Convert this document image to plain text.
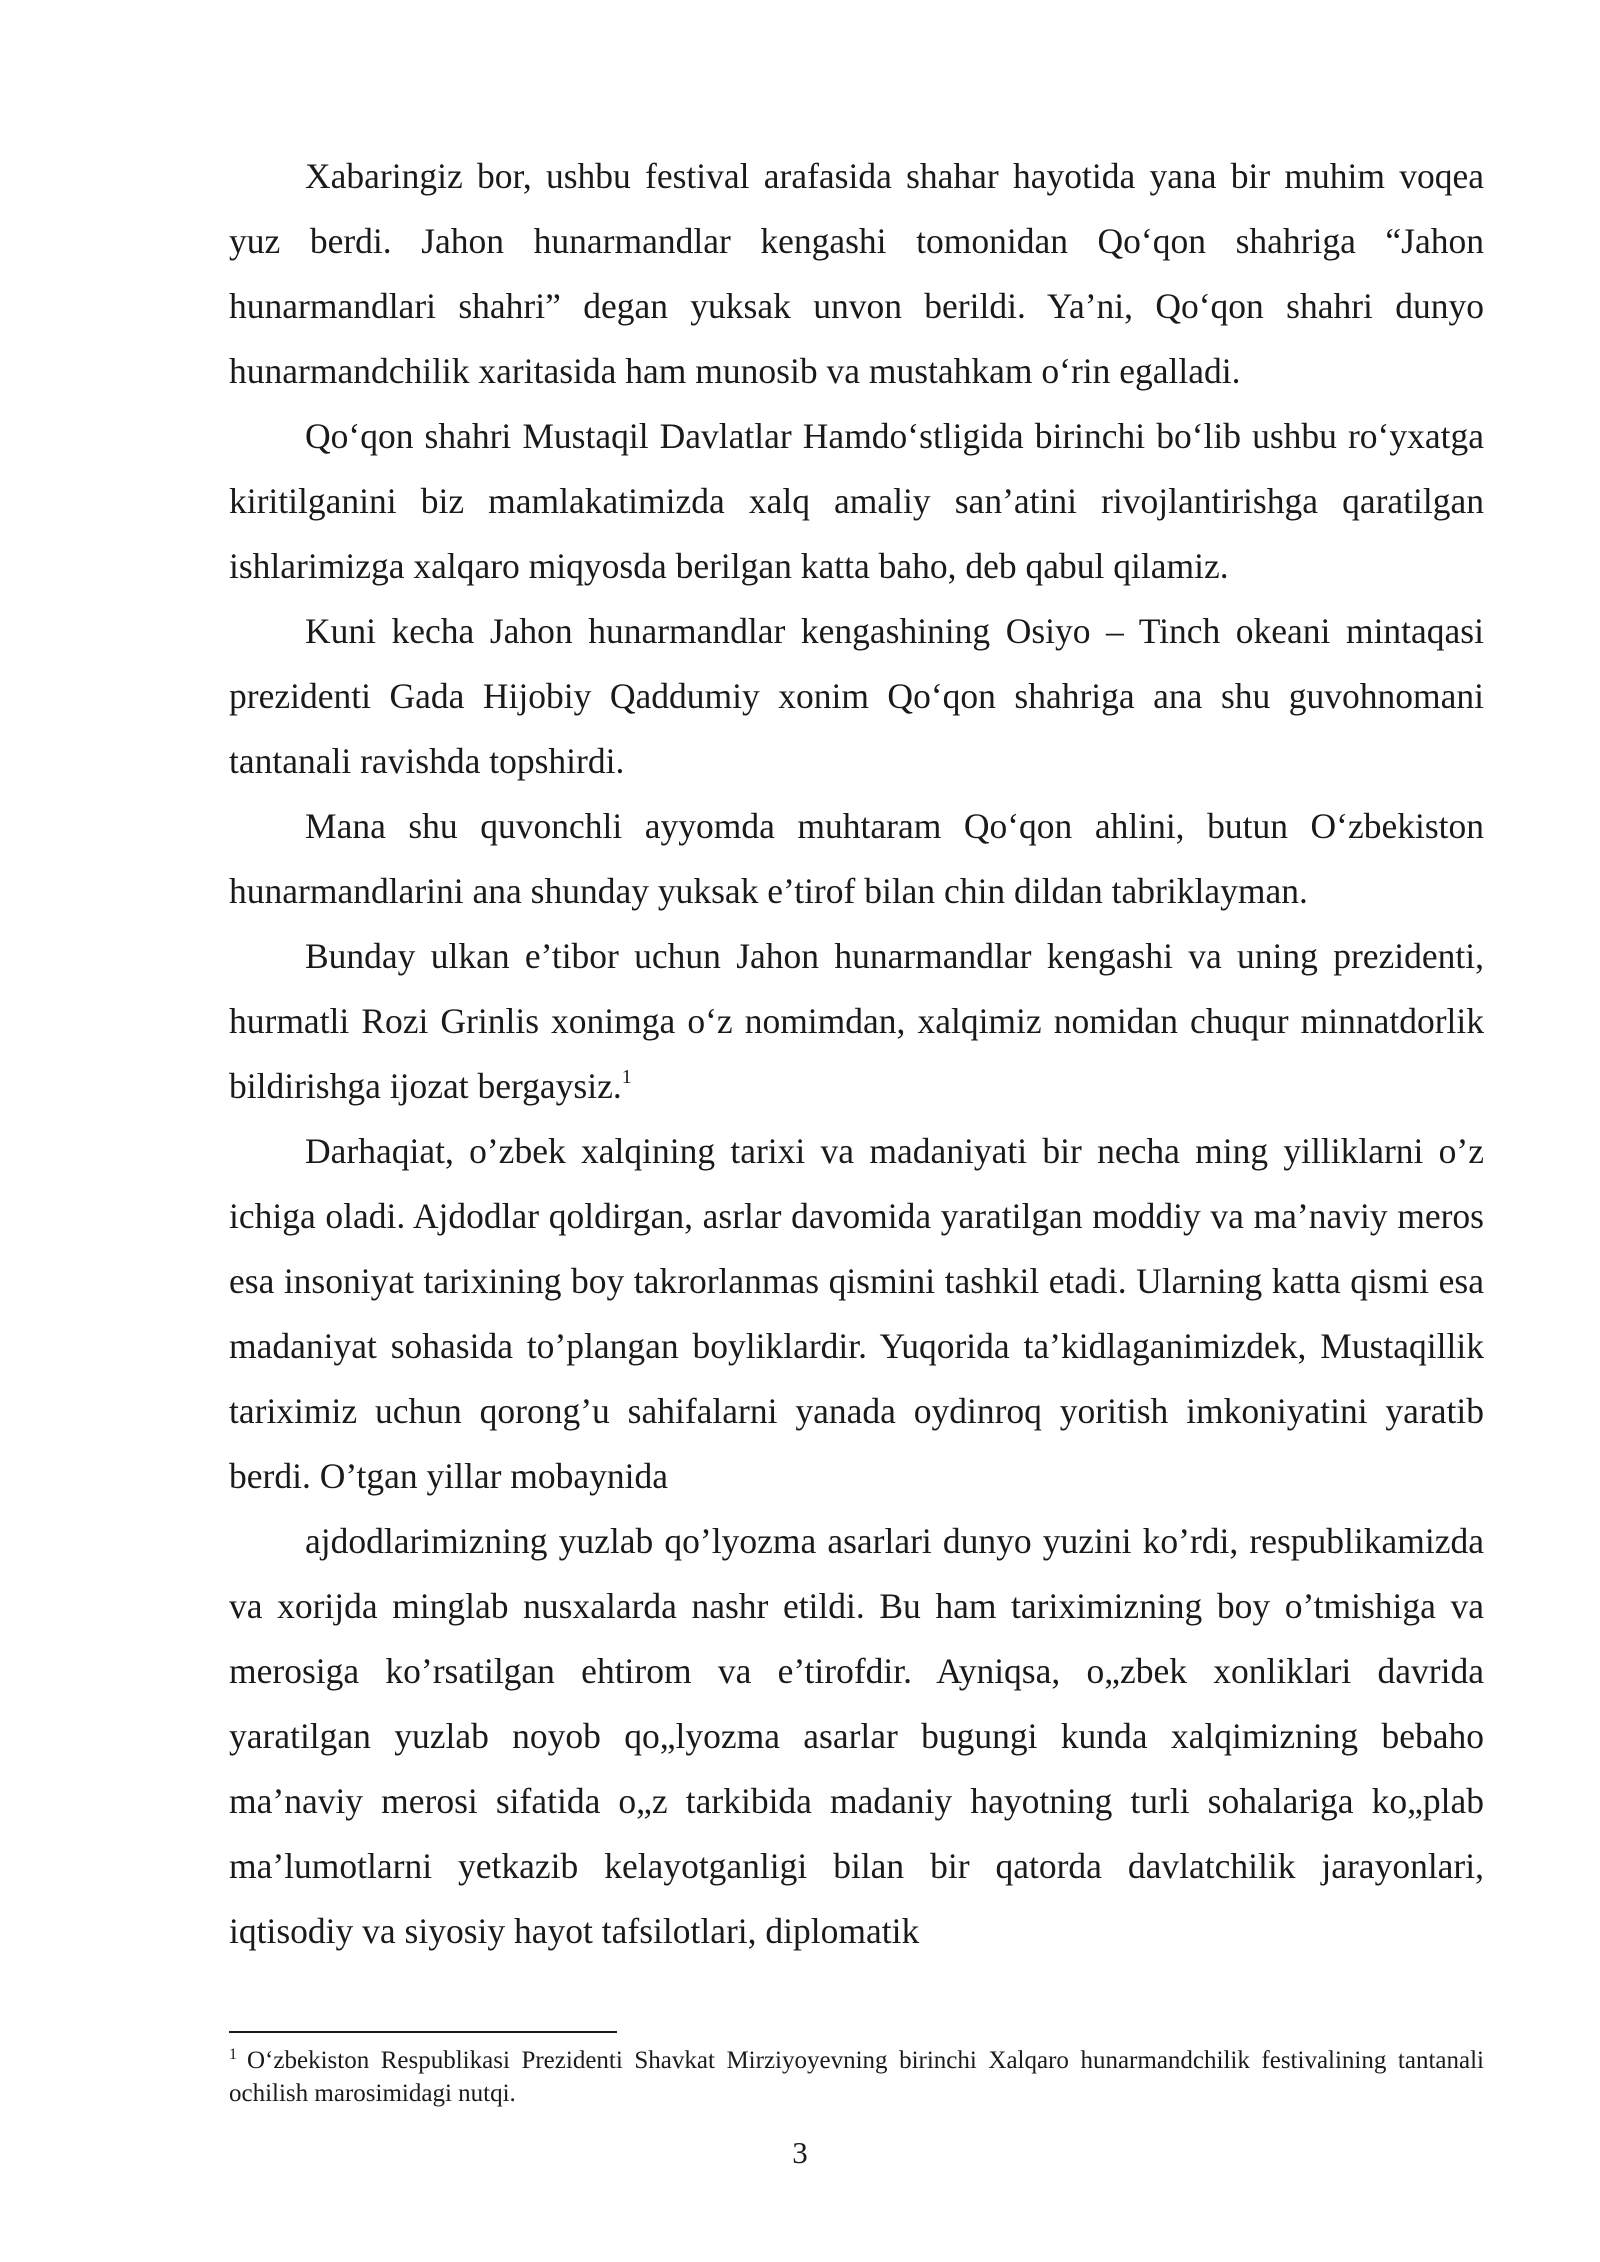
Xabaringiz bor, ushbu festival arafasida shahar hayotida yana bir muhim voqea yuz berdi. Jahon hunarmandlar kengashi tomonidan Qo‘qon shahriga “Jahon hunarmandlari shahri” degan yuksak unvon berildi. Ya’ni, Qo‘qon shahri dunyo hunarmandchilik xaritasida ham munosib va mustahkam o‘rin egalladi.

Qo‘qon shahri Mustaqil Davlatlar Hamdo‘stligida birinchi bo‘lib ushbu ro‘yxatga kiritilganini biz mamlakatimizda xalq amaliy san’atini rivojlantirishga qaratilgan ishlarimizga xalqaro miqyosda berilgan katta baho, deb qabul qilamiz.

Kuni kecha Jahon hunarmandlar kengashining Osiyo – Tinch okeani mintaqasi prezidenti Gada Hijobiy Qaddumiy xonim Qo‘qon shahriga ana shu guvohnomani tantanali ravishda topshirdi.

Mana shu quvonchli ayyomda muhtaram Qo‘qon ahlini, butun O‘zbekiston hunarmandlarini ana shunday yuksak e’tirof bilan chin dildan tabriklayman.

Bunday ulkan e’tibor uchun Jahon hunarmandlar kengashi va uning prezidenti, hurmatli Rozi Grinlis xonimga o‘z nomimdan, xalqimiz nomidan chuqur minnatdorlik bildirishga ijozat bergaysiz.$^1$

Darhaqiat, o’zbek xalqining tarixi va madaniyati bir necha ming yilliklarni o’z ichiga oladi. Ajdodlar qoldirgan, asrlar davomida yaratilgan moddiy va ma’naviy meros esa insoniyat tarixining boy takrorlanmas qismini tashkil etadi. Ularning katta qismi esa madaniyat sohasida to’plangan boyliklardir. Yuqorida ta’kidlaganimizdek, Mustaqillik tariximiz uchun qorong’u sahifalarni yanada oydinroq yoritish imkoniyatini yaratib berdi. O’tgan yillar mobaynida

ajdodlarimizning yuzlab qo’lyozma asarlari dunyo yuzini ko’rdi, respublikamizda va xorijda minglab nusxalarda nashr etildi. Bu ham tariximizning boy o’tmishiga va merosiga ko’rsatilgan ehtirom va e’tirofdir. Ayniqsa, o„zbek xonliklari davrida yaratilgan yuzlab noyob qo„lyozma asarlar bugungi kunda xalqimizning bebaho ma’naviy merosi sifatida o„z tarkibida madaniy hayotning turli sohalariga ko„plab ma’lumotlarni yetkazib kelayotganligi bilan bir qatorda davlatchilik jarayonlari, iqtisodiy va siyosiy hayot tafsilotlari, diplomatik

$^1$ O‘zbekiston Respublikasi Prezidenti Shavkat Mirziyoyevning birinchi Xalqaro hunarmandchilik festivalining tantanali ochilish marosimidagi nutqi.

3
